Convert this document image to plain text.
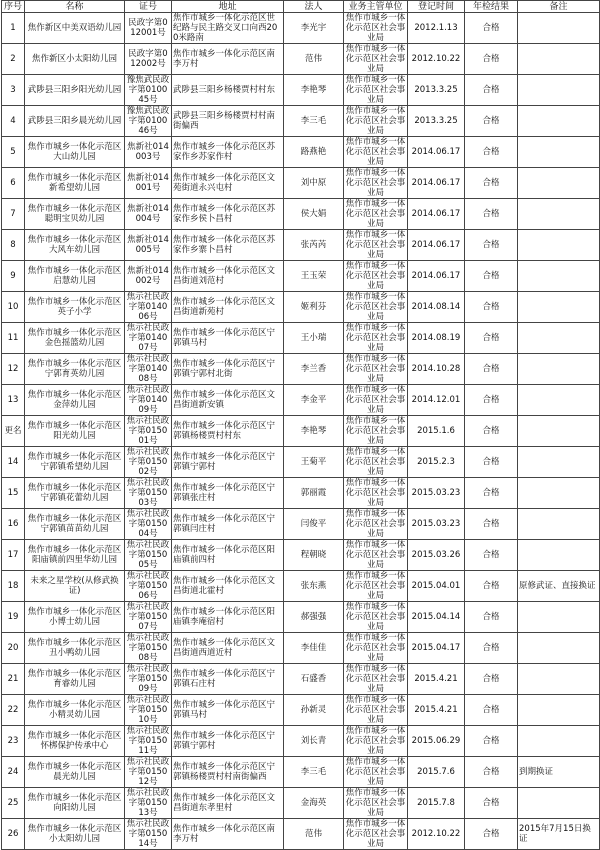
序号	名称	证号	地址	法人	业务主管单位	登记时间	年检结果	备注
1	焦作新区中美双语幼儿园	民政字第012001号	焦作市城乡一体化示范区世纪路与民主路交叉口向西200米路南	李光宇	焦作市城乡一体化示范区社会事业局	2012.1.13	合格	
2	焦作新区小太阳幼儿园	民政字第012002号	焦作市城乡一体化示范区南李万村	范伟	焦作市城乡一体化示范区社会事业局	2012.10.22	合格	
3	武陟县三阳乡阳光幼儿园	豫焦武民政字第010045号	武陟县三阳乡杨楼贾村村东	李艳琴	焦作市城乡一体化示范区社会事业局	2013.3.25	合格	
4	武陟县三阳乡晨光幼儿园	豫焦武民政字第010046号	武陟县三阳乡杨楼贾村村南街偏西	李三毛	焦作市城乡一体化示范区社会事业局	2013.3.25	合格	
5	焦作市城乡一体化示范区大山幼儿园	焦新社014003号	焦作市城乡一体化示范区苏家作乡苏家作村	路燕艳	焦作市城乡一体化示范区社会事业局	2014.06.17	合格	
6	焦作市城乡一体化示范区新希望幼儿园	焦新社014001号	焦作市城乡一体化示范区文苑街道永兴屯村	刘中原	焦作市城乡一体化示范区社会事业局	2014.06.17	合格	
7	焦作市城乡一体化示范区聪明宝贝幼儿园	焦新社014004号	焦作市城乡一体化示范区苏家作乡侯卜昌村	侯大娟	焦作市城乡一体化示范区社会事业局	2014.06.17	合格	
8	焦作市城乡一体化示范区大风车幼儿园	焦新社014005号	焦作市城乡一体化示范区苏家作乡寨卜昌村	张芮芮	焦作市城乡一体化示范区社会事业局	2014.06.17	合格	
9	焦作市城乡一体化示范区启慧幼儿园	焦新社014002号	焦作市城乡一体化示范区文昌街道刘范村	王玉荣	焦作市城乡一体化示范区社会事业局	2014.06.17	合格	
10	焦作市城乡一体化示范区英子小学	焦示社民政字第014006号	焦作市城乡一体化示范区文昌街道新苑村	姬利芬	焦作市城乡一体化示范区社会事业局	2014.08.14	合格	
11	焦作市城乡一体化示范区金色摇篮幼儿园	焦示社民政字第014007号	焦作市城乡一体化示范区宁郭镇马村	王小瑞	焦作市城乡一体化示范区社会事业局	2014.08.19	合格	
12	焦作市城乡一体化示范区宁郭育英幼儿园	焦示社民政字第014008号	焦作市城乡一体化示范区宁郭镇宁郭村北街	李兰香	焦作市城乡一体化示范区社会事业局	2014.10.28	合格	
13	焦作市城乡一体化示范区金萍幼儿园	焦示社民政字第014009号	焦作市城乡一体化示范区文昌街道新安镇	李金平	焦作市城乡一体化示范区社会事业局	2014.12.01	合格	
更名	焦作市城乡一体化示范区阳光幼儿园	焦示社民政字第015001号	焦作市城乡一体化示范区宁郭镇杨楼贾村村东	李艳琴	焦作市城乡一体化示范区社会事业局	2015.1.6	合格	
14	焦作市城乡一体化示范区宁郭镇希望幼儿园	焦示社民政字第015002号	焦作市城乡一体化示范区宁郭镇宁郭村	王菊平	焦作市城乡一体化示范区社会事业局	2015.2.3	合格	
15	焦作市城乡一体化示范区宁郭镇花蕾幼儿园	焦示社民政字第015003号	焦作市城乡一体化示范区宁郭镇张庄村	郭丽霞	焦作市城乡一体化示范区社会事业局	2015.03.23	合格	
16	焦作市城乡一体化示范区宁郭镇苗苗幼儿园	焦示社民政字第015004号	焦作市城乡一体化示范区宁郭镇闫庄村	闫俊平	焦作市城乡一体化示范区社会事业局	2015.03.23	合格	
17	焦作市城乡一体化示范区阳庙镇前四里华幼儿园	焦示社民政字第015005号	焦作市城乡一体化示范区阳庙镇前四村	程朝晓	焦作市城乡一体化示范区社会事业局	2015.03.26	合格	
18	未来之星学校(从修武换证)	焦示社民政字第015006号	焦作市城乡一体化示范区文昌街道北霍村	张东燕	焦作市城乡一体化示范区社会事业局	2015.04.01	合格	原修武证、直接换证
19	焦作市城乡一体化示范区小博士幼儿园	焦示社民政字第015007号	焦作市城乡一体化示范区阳庙镇李庵宿村	郝强强	焦作市城乡一体化示范区社会事业局	2015.04.14	合格	
20	焦作市城乡一体化示范区丑小鸭幼儿园	焦示社民政字第015008号	焦作市城乡一体化示范区文昌街道西道近村	李佳佳	焦作市城乡一体化示范区社会事业局	2015.04.17	合格	
21	焦作市城乡一体化示范区育睿幼儿园	焦示社民政字第015009号	焦作市城乡一体化示范区宁郭镇石庄村	石盛香	焦作市城乡一体化示范区社会事业局	2015.4.21	合格	
22	焦作市城乡一体化示范区小精灵幼儿园	焦示社民政字第015010号	焦作市城乡一体化示范区宁郭镇马村	孙新灵	焦作市城乡一体化示范区社会事业局	2015.4.21	合格	
23	焦作市城乡一体化示范区怀梆保护传承中心	焦示社民政字第015011号	焦作市城乡一体化示范区宁郭镇宁郭村	刘长青	焦作市城乡一体化示范区社会事业局	2015.06.29	合格	
24	焦作市城乡一体化示范区晨光幼儿园	焦示社民政字第015012号	焦作市城乡一体化示范区宁郭镇杨楼贾村村南街偏西	李三毛	焦作市城乡一体化示范区社会事业局	2015.7.6	合格	到期换证
25	焦作市城乡一体化示范区向阳幼儿园	焦示社民政字第015013号	焦作市城乡一体化示范区文昌街道东孝里村	金海英	焦作市城乡一体化示范区社会事业局	2015.7.8	合格	
26	焦作市城乡一体化示范区小太阳幼儿园	焦示社民政字第015014号	焦作市城乡一体化示范区南李万村	范伟	焦作市城乡一体化示范区社会事业局	2012.10.22	合格	2015年7月15日换证
